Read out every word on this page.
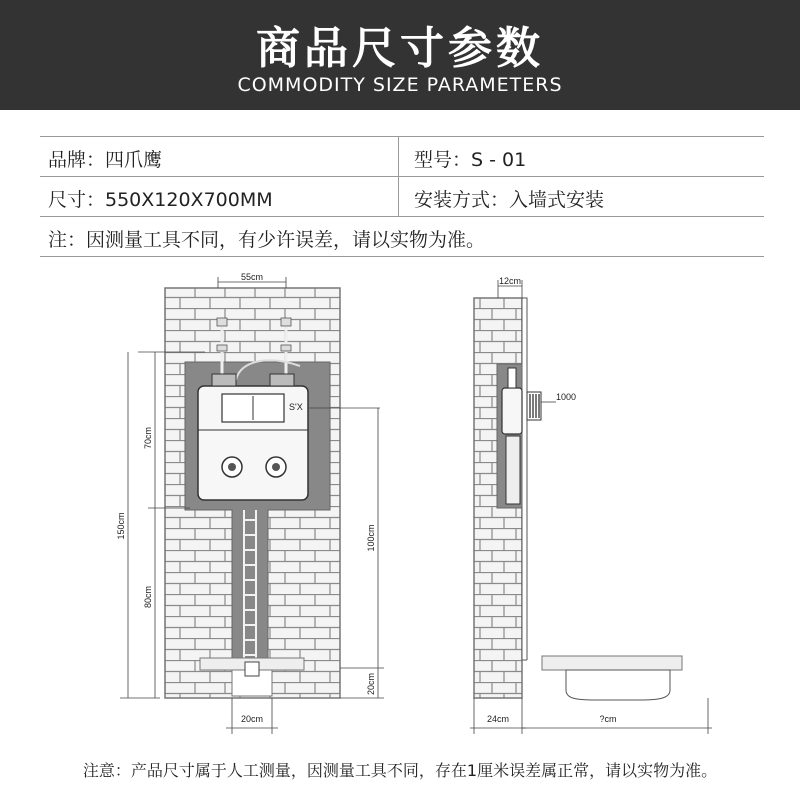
商品尺寸参数
COMMODITY SIZE PARAMETERS
品牌：四爪鹰	型号：S - 01
尺寸：550X120X700MM	安装方式：入墙式安装
注：因测量工具不同，有少许误差，请以实物为准。
S'X
55cm
70cm
150cm
80cm
100cm
20cm
20cm
1000
12cm
24cm	?cm
注意：产品尺寸属于人工测量，因测量工具不同，存在1厘米误差属正常，请以实物为准。
